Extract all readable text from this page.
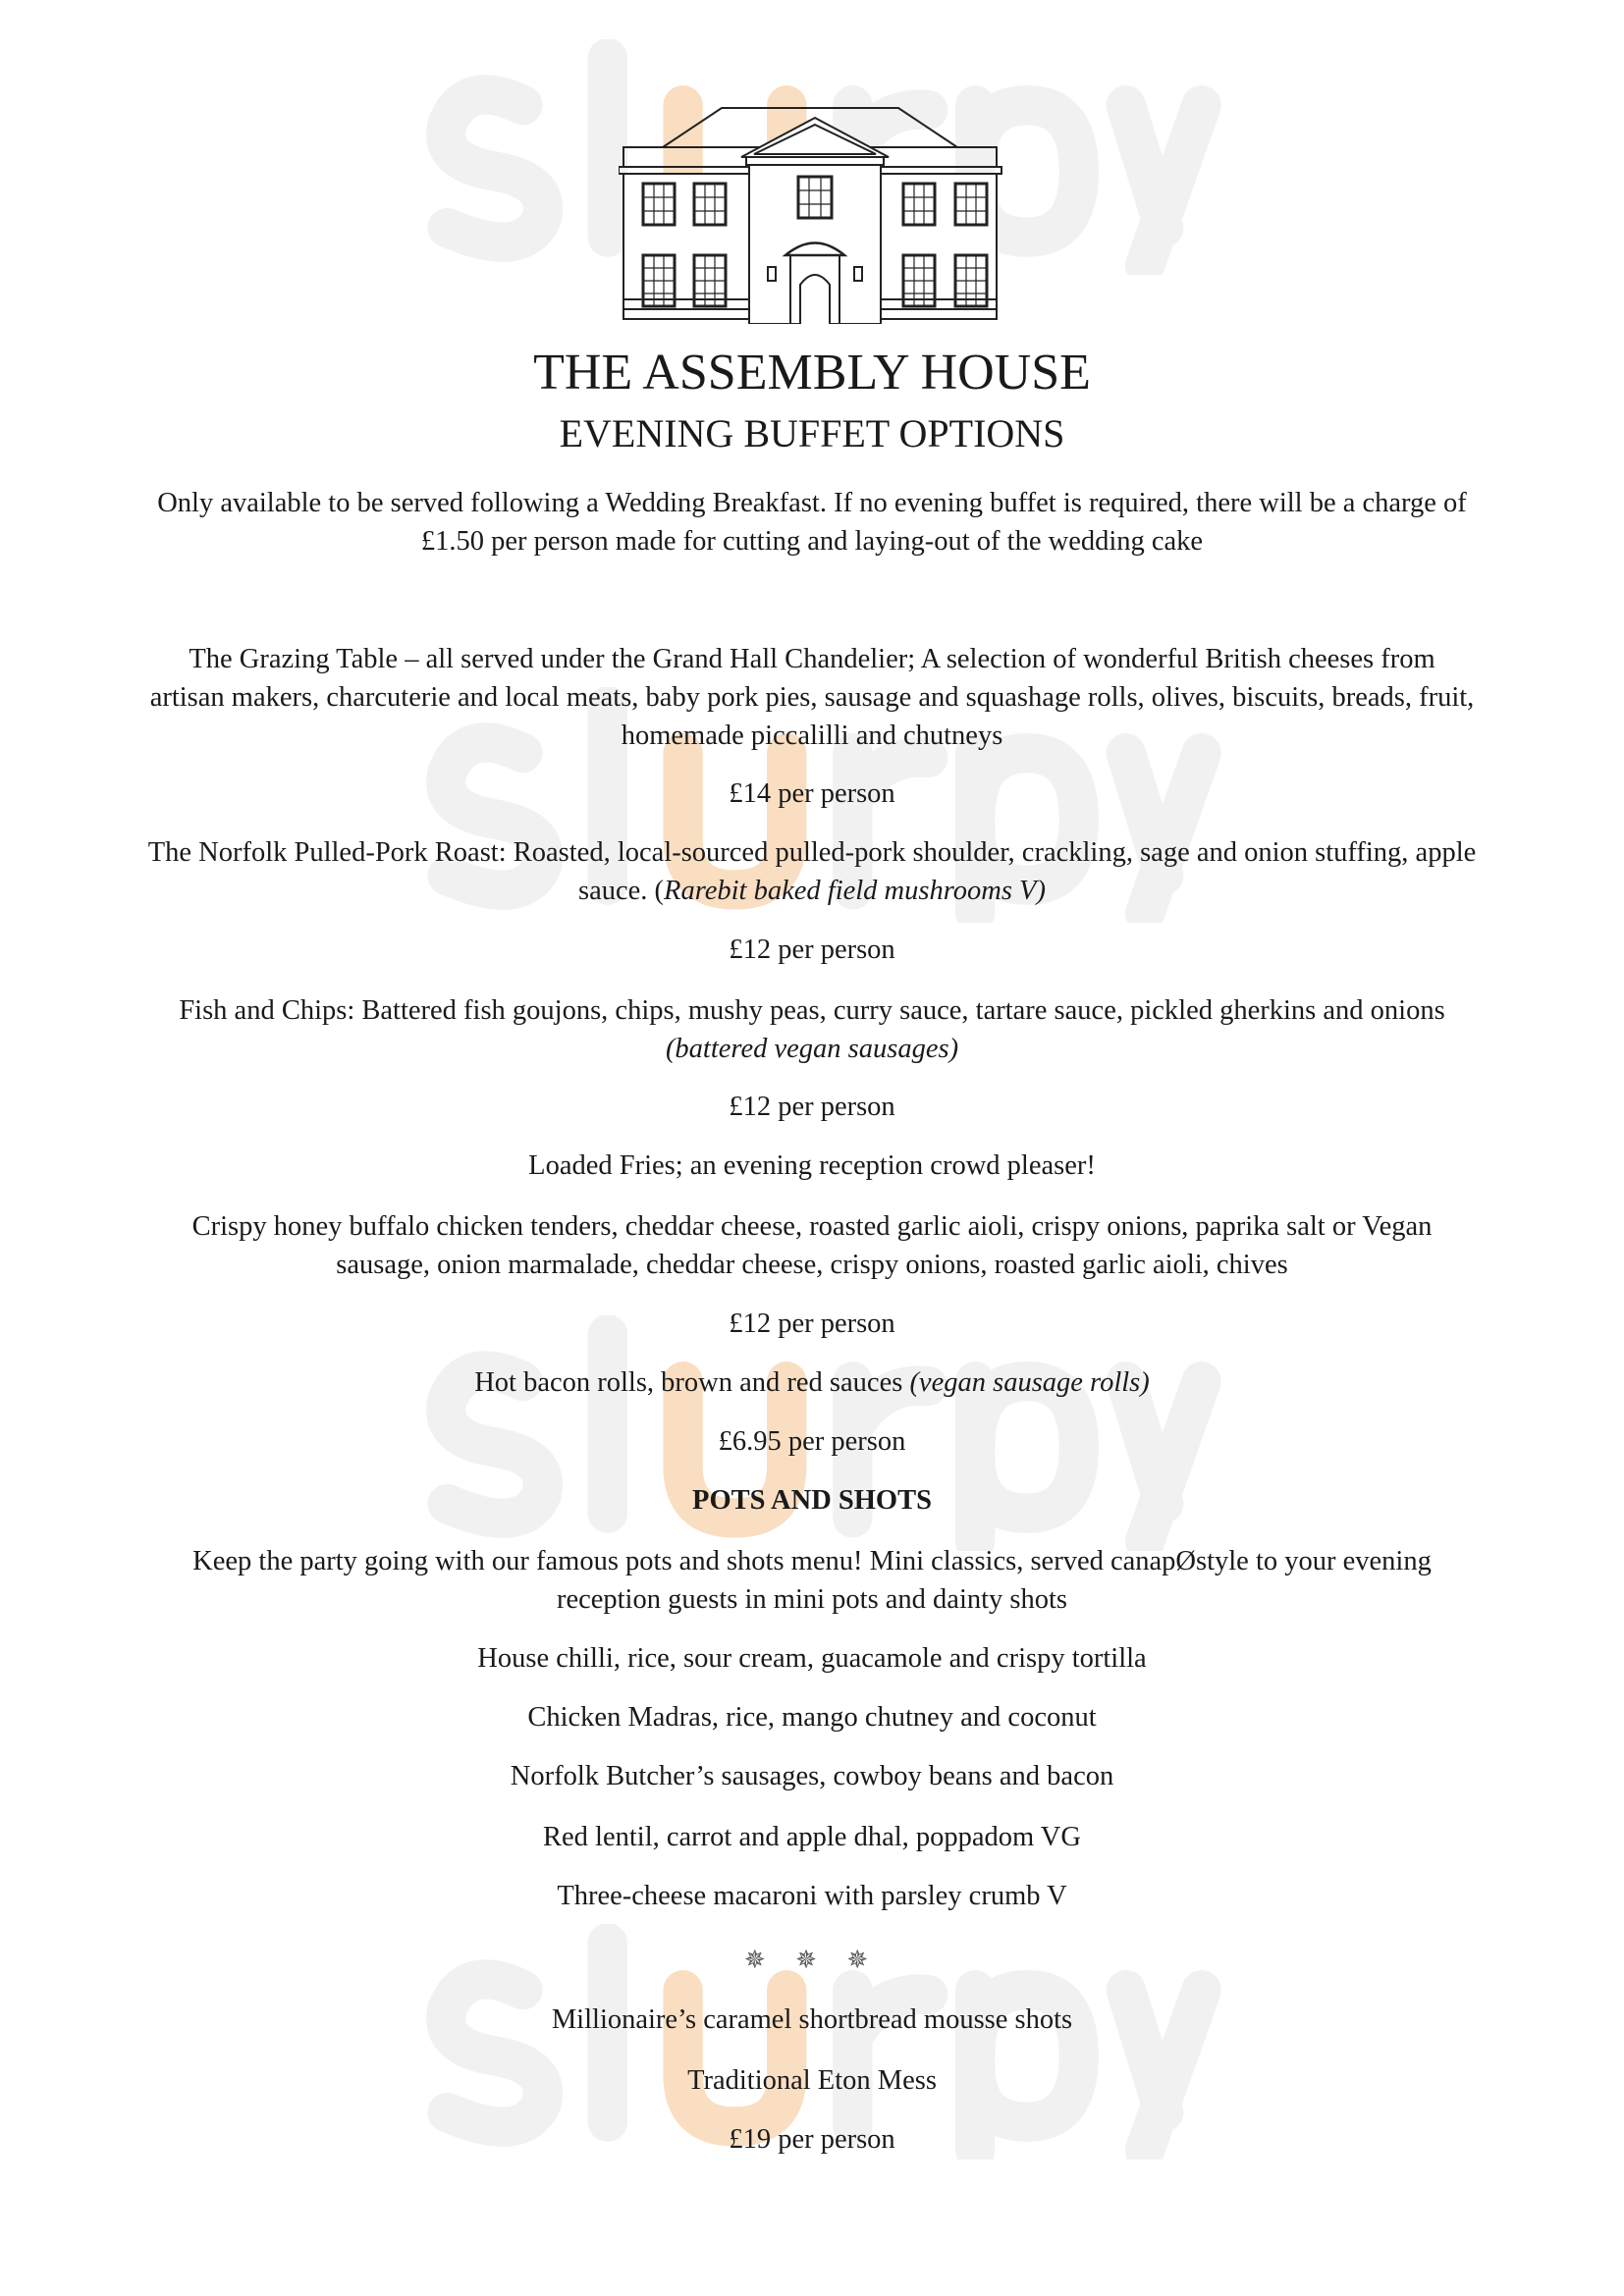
THE ASSEMBLY HOUSE
EVENING BUFFET OPTIONS
Only available to be served following a Wedding Breakfast. If no evening buffet is required, there will be a charge of
£1.50 per person made for cutting and laying-out of the wedding cake
The Grazing Table – all served under the Grand Hall Chandelier; A selection of wonderful British cheeses from
artisan makers, charcuterie and local meats, baby pork pies, sausage and squashage rolls, olives, biscuits, breads, fruit,
homemade piccalilli and chutneys
£14 per person
The Norfolk Pulled-Pork Roast: Roasted, local-sourced pulled-pork shoulder, crackling, sage and onion stuffing, apple
sauce. (Rarebit baked field mushrooms V)
£12 per person
Fish and Chips: Battered fish goujons, chips, mushy peas, curry sauce, tartare sauce, pickled gherkins and onions
(battered vegan sausages)
£12 per person
Loaded Fries; an evening reception crowd pleaser!
Crispy honey buffalo chicken tenders, cheddar cheese, roasted garlic aioli, crispy onions, paprika salt or Vegan
sausage, onion marmalade, cheddar cheese, crispy onions, roasted garlic aioli, chives
£12 per person
Hot bacon rolls, brown and red sauces (vegan sausage rolls)
£6.95 per person
POTS AND SHOTS
Keep the party going with our famous pots and shots menu! Mini classics, served canapØstyle to your evening
reception guests in mini pots and dainty shots
House chilli, rice, sour cream, guacamole and crispy tortilla
Chicken Madras, rice, mango chutney and coconut
Norfolk Butcher’s sausages, cowboy beans and bacon
Red lentil, carrot and apple dhal, poppadom VG
Three-cheese macaroni with parsley crumb V
✵ ✵ ✵
Millionaire’s caramel shortbread mousse shots
Traditional Eton Mess
£19 per person
